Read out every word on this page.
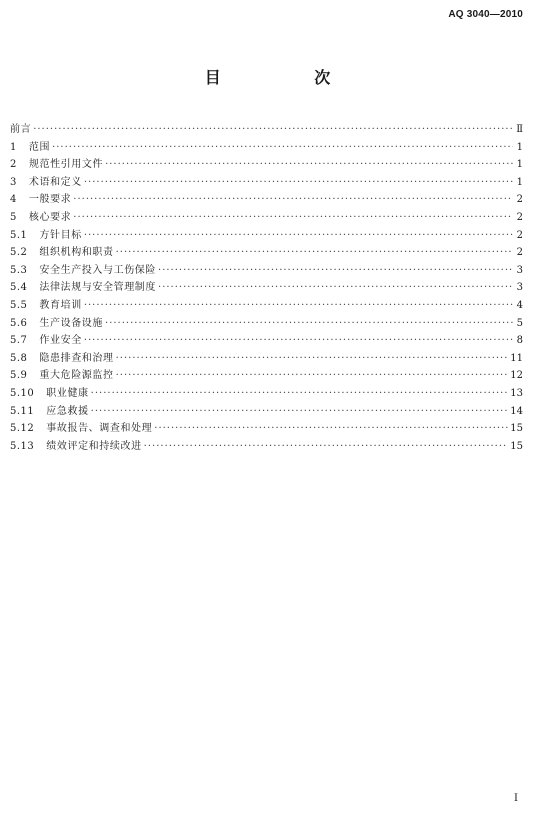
AQ 3040—2010
目 次
前言 ·····	Ⅱ
1 范围 ·····	1
2 规范性引用文件 ·····	1
3 术语和定义 ·····	1
4 一般要求 ·····	2
5 核心要求 ·····	2
5.1 方针目标 ·····	2
5.2 组织机构和职责 ·····	2
5.3 安全生产投入与工伤保险 ·····	3
5.4 法律法规与安全管理制度 ·····	3
5.5 教育培训 ·····	4
5.6 生产设备设施 ·····	5
5.7 作业安全 ·····	8
5.8 隐患排查和治理 ·····	11
5.9 重大危险源监控 ·····	12
5.10 职业健康 ·····	13
5.11 应急救援 ·····	14
5.12 事故报告、调查和处理 ·····	15
5.13 绩效评定和持续改进 ·····	15
Ⅰ
